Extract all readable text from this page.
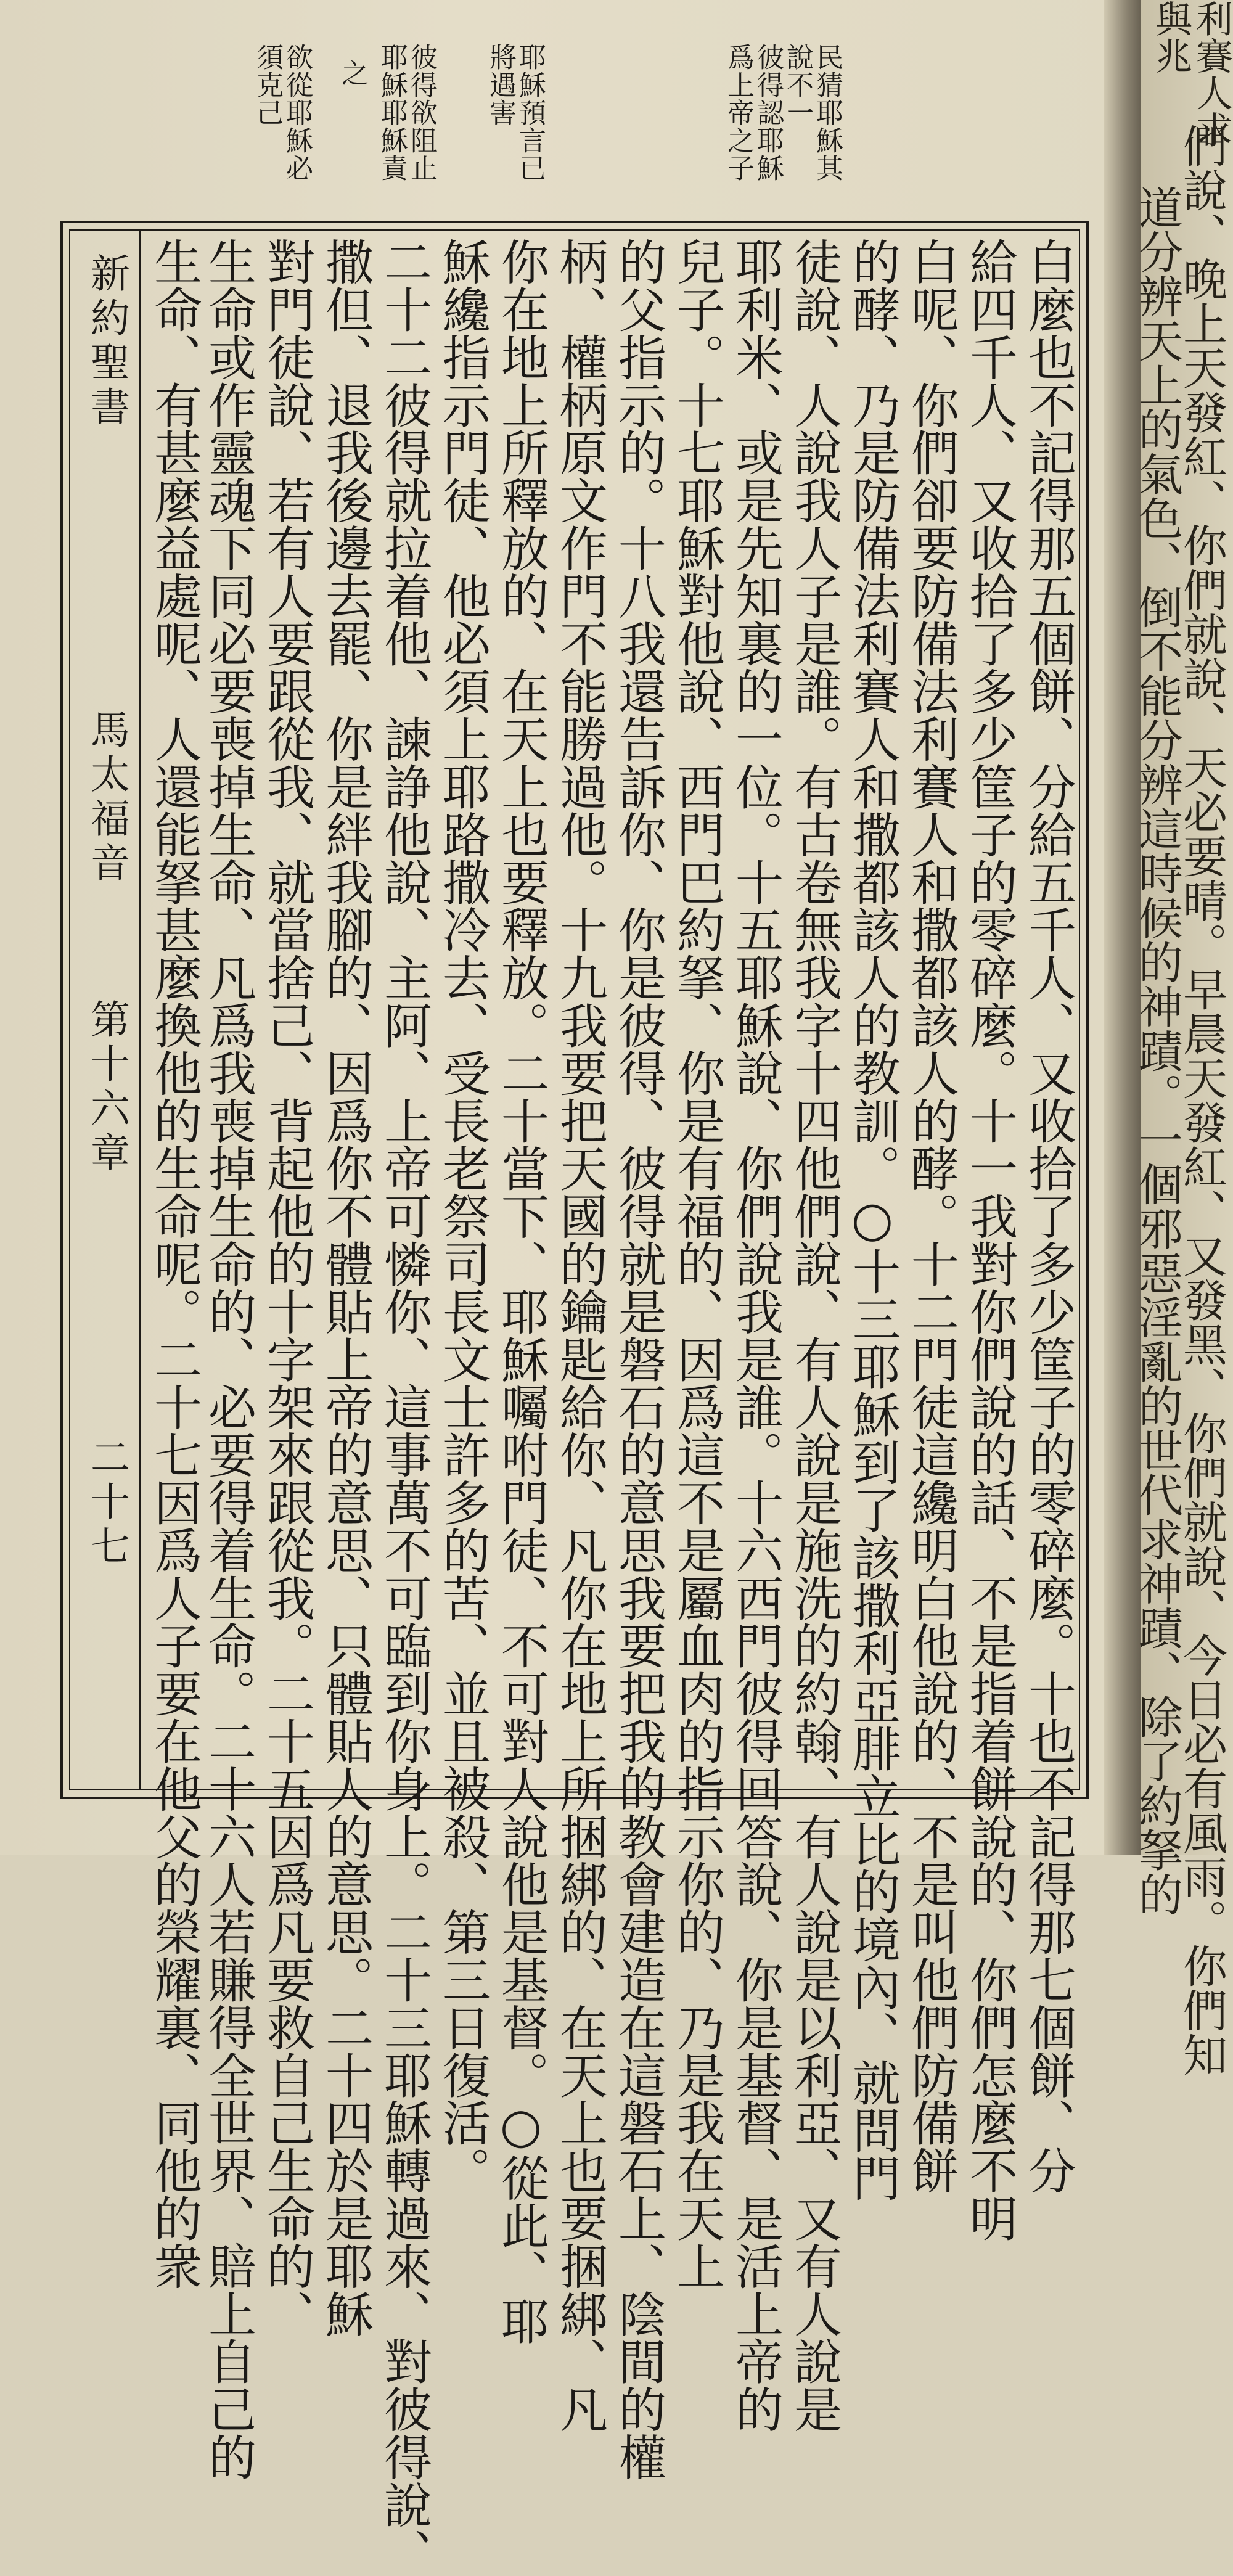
利賽人求
與兆
們說、晚上天發紅、你們就說、天必要晴。早晨天發紅、又發黑、你們就說、今日必有風雨。你們知
道分辨天上的氣色、倒不能分辨這時候的神蹟。一個邪惡淫亂的世代求神蹟、除了約拏的
民猜耶穌其
說不一
彼得認耶穌
爲上帝之子
耶穌預言已
將遇害
彼得欲阻止
耶穌耶穌責
之
欲從耶穌必
須克己
新約聖書
馬太福音
第十六章
二十七	白麼也不記得那五個餅、分給五千人、又收拾了多少筐子的零碎麼。十也不記得那七個餅、分
給四千人、又收拾了多少筐子的零碎麼。十一我對你們說的話、不是指着餅說的、你們怎麼不明
白呢、你們卻要防備法利賽人和撒都該人的酵。十二門徒這纔明白他說的、不是叫他們防備餅
的酵、乃是防備法利賽人和撒都該人的教訓。○十三耶穌到了該撒利亞腓立比的境內、就問門
徒說、人說我人子是誰。有古卷無我字十四他們說、有人說是施洗的約翰、有人說是以利亞、又有人說是
耶利米、或是先知裏的一位。十五耶穌說、你們說我是誰。十六西門彼得回答說、你是基督、是活上帝的
兒子。十七耶穌對他說、西門巴約拏、你是有福的、因爲這不是屬血肉的指示你的、乃是我在天上
的父指示的。十八我還告訴你、你是彼得、彼得就是磐石的意思我要把我的教會建造在這磐石上、陰間的權
柄、權柄原文作門不能勝過他。十九我要把天國的鑰匙給你、凡你在地上所捆綁的、在天上也要捆綁、凡
你在地上所釋放的、在天上也要釋放。二十當下、耶穌囑咐門徒、不可對人說他是基督。○從此、耶
穌纔指示門徒、他必須上耶路撒冷去、受長老祭司長文士許多的苦、並且被殺、第三日復活。
二十二彼得就拉着他、諫諍他說、主阿、上帝可憐你、這事萬不可臨到你身上。二十三耶穌轉過來、對彼得說、
撒但、退我後邊去罷、你是絆我腳的、因爲你不體貼上帝的意思、只體貼人的意思。二十四於是耶穌
對門徒說、若有人要跟從我、就當捨己、背起他的十字架來跟從我。二十五因爲凡要救自己生命的、
生命或作靈魂下同必要喪掉生命、凡爲我喪掉生命的、必要得着生命。二十六人若賺得全世界、賠上自己的
生命、有甚麼益處呢、人還能拏甚麼換他的生命呢。二十七因爲人子要在他父的榮耀裏、同他的衆
